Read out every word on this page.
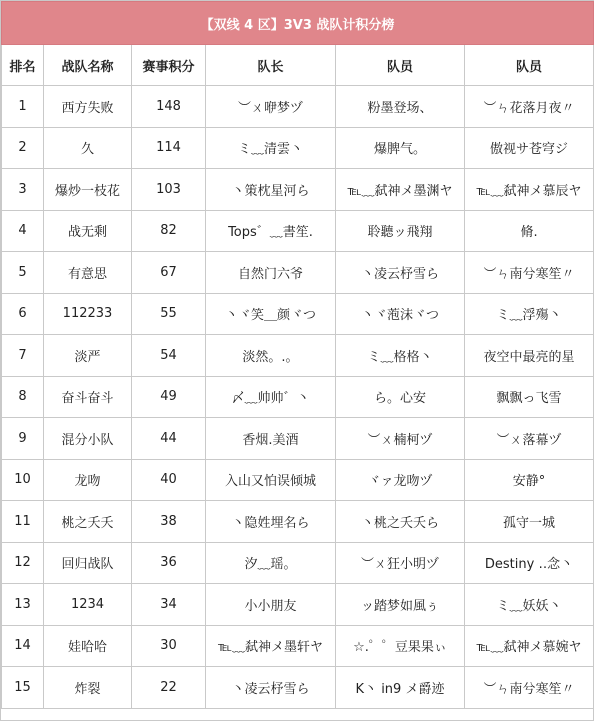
【双线 4 区】3V3 战队计积分榜					
排名	战队名称	赛事积分	队长	队员	队员
1	西方失败	148	︶ㄨ咿梦ヅ	粉墨登场、	︶ㄣ花落月夜〃
2	久	114	ミ﹏清雲丶	爆脾气。	傲视サ苍穹ジ
3	爆炒一枝花	103	丶策枕星河ら	℡﹏弑神メ墨渊ヤ	℡﹏弑神メ慕辰ヤ
4	战无剩	82	Tops゛﹏書笙.	聆聽ッ飛翔	脩.
5	有意思	67	自然门六爷	丶凌云杼雪ら	︶ㄣ南兮寒笙〃
6	112233	55	丶ヾ笑＿颜ヾつ	丶ヾ萢沫ヾつ	ミ﹏浮殤丶
7	淡严	54	淡然。.。	ミ﹏格格丶	夜空中最亮的星
8	奋斗奋斗	49	〆﹏帅帅゛丶	ら。心安	飘飘っ飞雪
9	混分小队	44	香烟.美酒	︶ㄨ楠柯ヅ	︶ㄨ落幕ヅ
10	龙吻	40	入山又怕误倾城	ヾァ龙吻ヅ	安静°
11	桃之夭夭	38	丶隐姓埋名ら	丶桃之夭夭ら	孤守一城
12	回归战队	36	汐﹏瑶。	︶ㄨ狂小明ヅ	Destiny ‥念丶
13	1234	34	小小朋友	ッ踏梦如風ぅ	ミ﹏妖妖丶
14	娃哈哈	30	℡﹏弑神メ墨轩ヤ	☆.゜゜豆果果ぃ	℡﹏弑神メ慕婉ヤ
15	炸裂	22	丶凌云杼雪ら	K丶 in9 メ爵迹	︶ㄣ南兮寒笙〃
